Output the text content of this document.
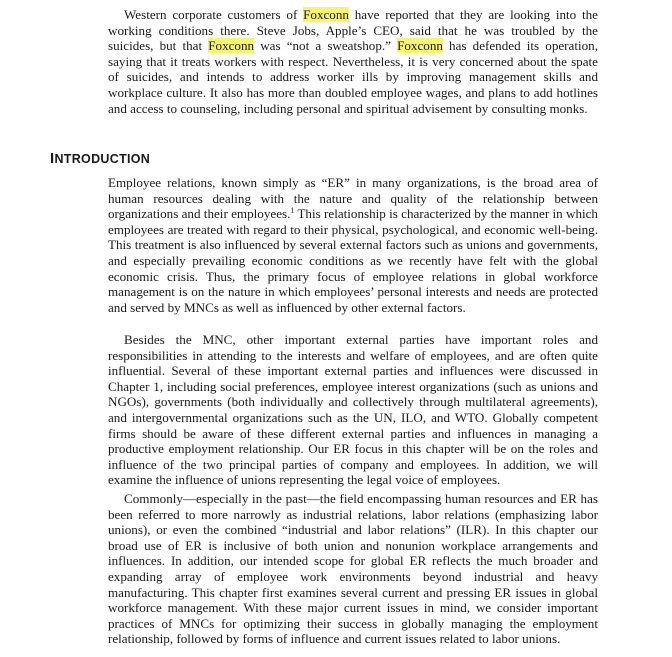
Western corporate customers of Foxconn have reported that they are looking into the working conditions there. Steve Jobs, Apple’s CEO, said that he was troubled by the suicides, but that Foxconn was “not a sweatshop.” Foxconn has defended its operation, saying that it treats workers with respect. Nevertheless, it is very concerned about the spate of suicides, and intends to address worker ills by improving management skills and workplace culture. It also has more than doubled employee wages, and plans to add hotlines and access to counseling, including personal and spiritual advisement by consulting monks.

INTRODUCTION

Employee relations, known simply as “ER” in many organizations, is the broad area of human resources dealing with the nature and quality of the relationship between organizations and their employees.$^1$ This relationship is characterized by the manner in which employees are treated with regard to their physical, psychological, and economic well-being. This treatment is also influenced by several external factors such as unions and governments, and especially prevailing economic conditions as we recently have felt with the global economic crisis. Thus, the primary focus of employee relations in global workforce management is on the nature in which employees’ personal interests and needs are protected and served by MNCs as well as influenced by other external factors.

Besides the MNC, other important external parties have important roles and responsibilities in attending to the interests and welfare of employees, and are often quite influential. Several of these important external parties and influences were discussed in Chapter 1, including social preferences, employee interest organizations (such as unions and NGOs), governments (both individually and collectively through multilateral agreements), and intergovernmental organizations such as the UN, ILO, and WTO. Globally competent firms should be aware of these different external parties and influences in managing a productive employment relationship. Our ER focus in this chapter will be on the roles and influence of the two principal parties of company and employees. In addition, we will examine the influence of unions representing the legal voice of employees.

Commonly—especially in the past—the field encompassing human resources and ER has been referred to more narrowly as industrial relations, labor relations (emphasizing labor unions), or even the combined “industrial and labor relations” (ILR). In this chapter our broad use of ER is inclusive of both union and nonunion workplace arrangements and influences. In addition, our intended scope for global ER reflects the much broader and expanding array of employee work environments beyond industrial and heavy manufacturing. This chapter first examines several current and pressing ER issues in global workforce management. With these major current issues in mind, we consider important practices of MNCs for optimizing their success in globally managing the employment relationship, followed by forms of influence and current issues related to labor unions.
